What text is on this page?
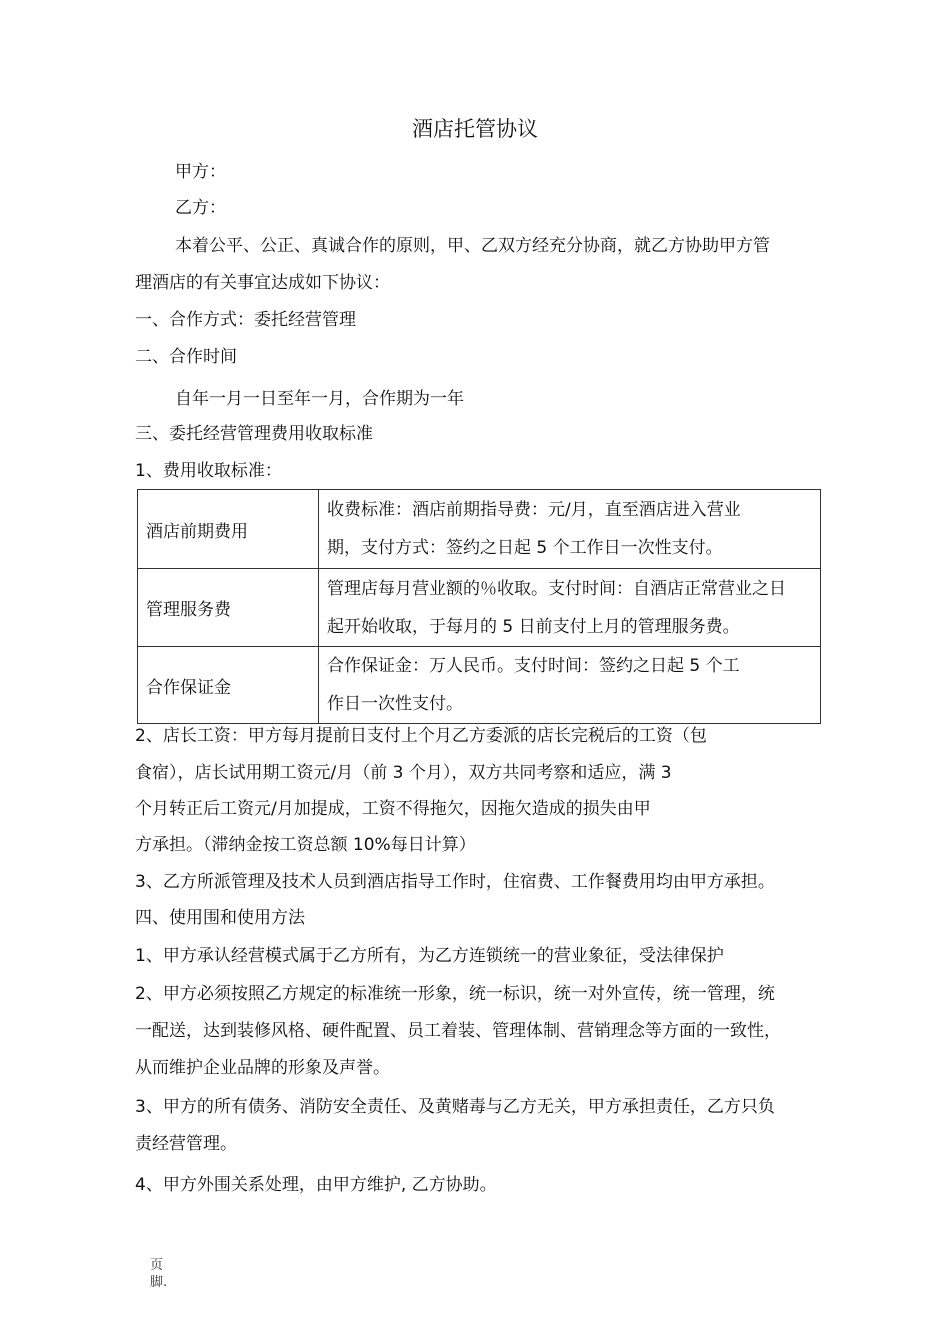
酒店托管协议
甲方：
乙方：
本着公平、公正、真诚合作的原则，甲、乙双方经充分协商，就乙方协助甲方管
理酒店的有关事宜达成如下协议：
一、合作方式：委托经营管理
二、合作时间
自年一月一日至年一月，合作期为一年
三、委托经营管理费用收取标准
1、费用收取标准：
酒店前期费用	收费标准：酒店前期指导费：元/月，直至酒店进入营业
期，支付方式：签约之日起 5 个工作日一次性支付。

管理服务费	管理店每月营业额的％收取。支付时间：自酒店正常营业之日
起开始收取，于每月的 5 日前支付上月的管理服务费。

合作保证金	合作保证金：万人民币。支付时间：签约之日起 5 个工
作日一次性支付。
2、店长工资：甲方每月提前日支付上个月乙方委派的店长完税后的工资（包
食宿），店长试用期工资元/月（前 3 个月），双方共同考察和适应，满 3
个月转正后工资元/月加提成，工资不得拖欠，因拖欠造成的损失由甲
方承担。（滞纳金按工资总额 10%每日计算）
3、乙方所派管理及技术人员到酒店指导工作时，住宿费、工作餐费用均由甲方承担。
四、使用围和使用方法
1、甲方承认经营模式属于乙方所有，为乙方连锁统一的营业象征，受法律保护
2、甲方必须按照乙方规定的标准统一形象，统一标识，统一对外宣传，统一管理，统
一配送，达到装修风格、硬件配置、员工着装、管理体制、营销理念等方面的一致性，
从而维护企业品牌的形象及声誉。
3、甲方的所有债务、消防安全责任、及黄赌毒与乙方无关，甲方承担责任，乙方只负
责经营管理。
4、甲方外围关系处理，由甲方维护, 乙方协助。
页
脚.
